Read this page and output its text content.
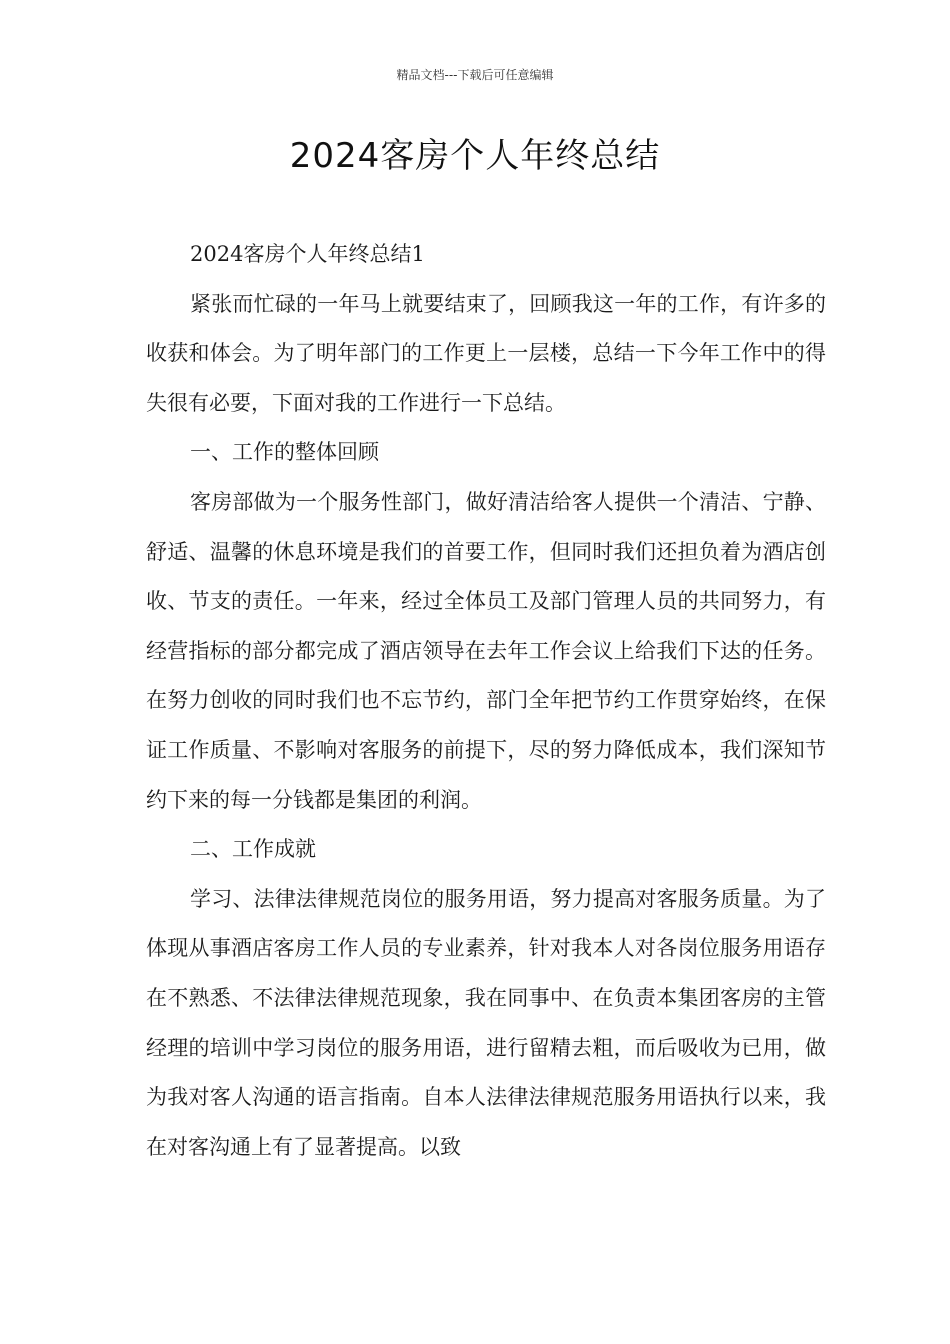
精品文档---下载后可任意编辑
2024客房个人年终总结

2024客房个人年终总结1

紧张而忙碌的一年马上就要结束了，回顾我这一年的工作，有许多的收获和体会。为了明年部门的工作更上一层楼，总结一下今年工作中的得失很有必要，下面对我的工作进行一下总结。

一、工作的整体回顾

客房部做为一个服务性部门，做好清洁给客人提供一个清洁、宁静、舒适、温馨的休息环境是我们的首要工作，但同时我们还担负着为酒店创收、节支的责任。一年来，经过全体员工及部门管理人员的共同努力，有经营指标的部分都完成了酒店领导在去年工作会议上给我们下达的任务。在努力创收的同时我们也不忘节约，部门全年把节约工作贯穿始终，在保证工作质量、不影响对客服务的前提下，尽的努力降低成本，我们深知节约下来的每一分钱都是集团的利润。

二、工作成就

学习、法律法律规范岗位的服务用语，努力提高对客服务质量。为了体现从事酒店客房工作人员的专业素养，针对我本人对各岗位服务用语存在不熟悉、不法律法律规范现象，我在同事中、在负责本集团客房的主管经理的培训中学习岗位的服务用语，进行留精去粗，而后吸收为已用，做为我对客人沟通的语言指南。自本人法律法律规范服务用语执行以来，我在对客沟通上有了显著提高。以致
